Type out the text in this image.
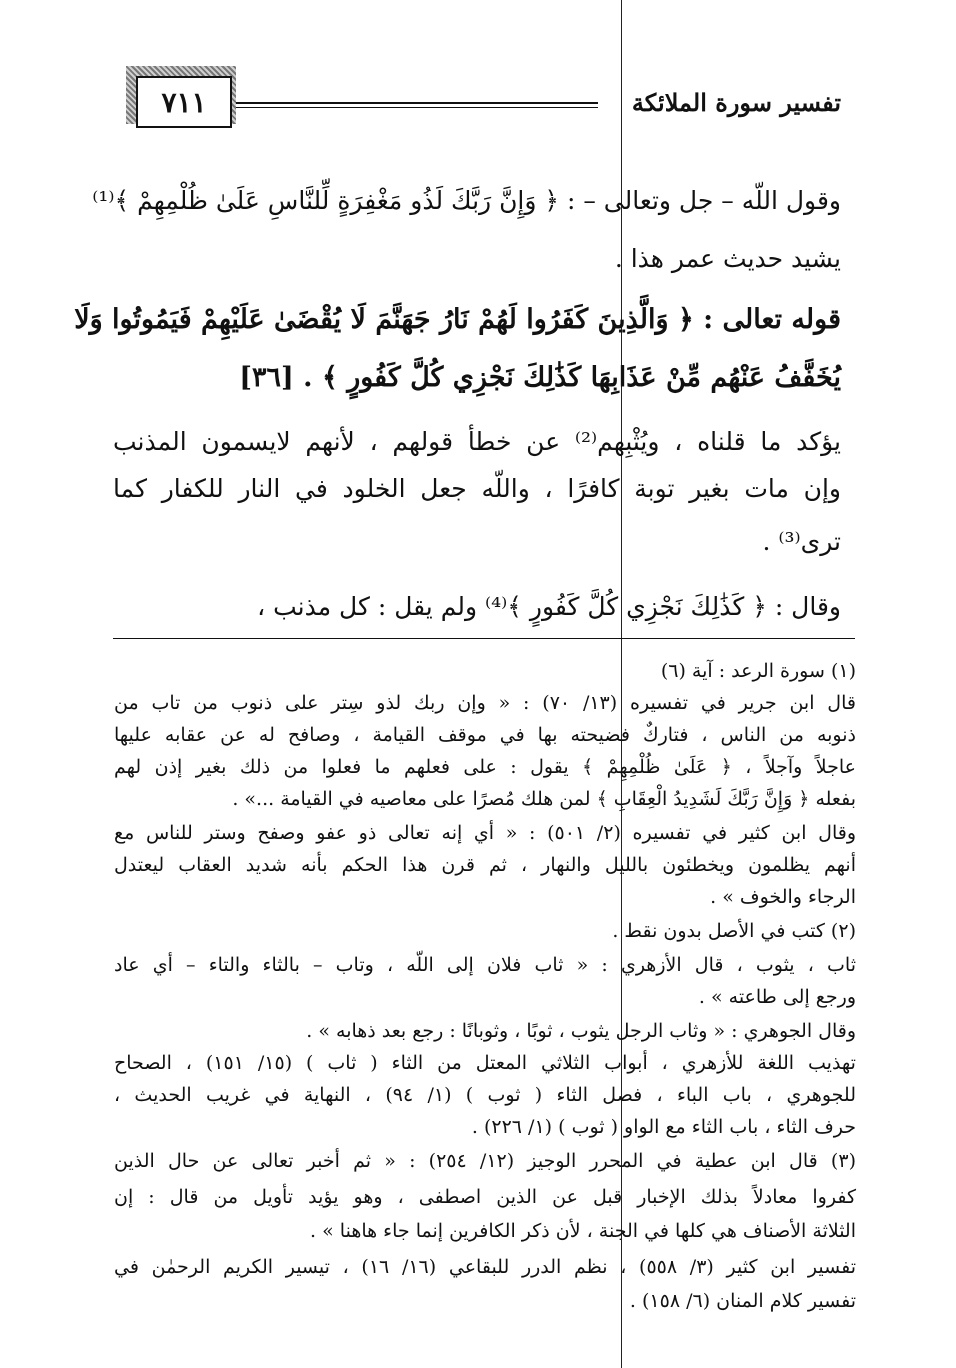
تفسير سورة الملائكة
٧١١
وقول اللّه – جل وتعالى – : ﴿ وَإِنَّ رَبَّكَ لَذُو مَغْفِرَةٍ لِّلنَّاسِ عَلَىٰ ظُلْمِهِمْ ﴾⁽¹⁾
يشيد حديث عمر هذا .
قوله تعالى : ﴿ وَالَّذِينَ كَفَرُوا لَهُمْ نَارُ جَهَنَّمَ لَا يُقْضَىٰ عَلَيْهِمْ فَيَمُوتُوا وَلَا
يُخَفَّفُ عَنْهُم مِّنْ عَذَابِهَا كَذَٰلِكَ نَجْزِي كُلَّ كَفُورٍ ﴾ . [٣٦]
يؤكد ما قلناه ، ويُثْبِهم⁽²⁾ عن خطأ قولهم ، لأنهم لايسمون المذنب
وإن مات بغير توبة كافرًا ، واللّه جعل الخلود في النار للكفار كما
ترى⁽³⁾ .
وقال : ﴿ كَذَٰلِكَ نَجْزِي كُلَّ كَفُورٍ ﴾⁽⁴⁾ ولم يقل : كل مذنب ،
(١) سورة الرعد : آية (٦)
قال ابن جرير في تفسيره (١٣/ ٧٠) : « وإن ربك لذو سِتر على ذنوب من تاب من
ذنوبه من الناس ، فتاركٌ فضيحته بها في موقف القيامة ، وصافح له عن عقابه عليها
عاجلاً وآجلاً ، ﴿ عَلَىٰ ظُلْمِهِمْ ﴾ يقول : على فعلهم ما فعلوا من ذلك بغير إذن لهم
بفعله ﴿ وَإِنَّ رَبَّكَ لَشَدِيدُ الْعِقَابِ ﴾ لمن هلك مُصرًا على معاصيه في القيامة ...» .
وقال ابن كثير في تفسيره (٢/ ٥٠١) : « أي إنه تعالى ذو عفو وصفح وستر للناس مع
أنهم يظلمون ويخطئون بالليل والنهار ، ثم قرن هذا الحكم بأنه شديد العقاب ليعتدل
الرجاء والخوف » .
(٢) كتب في الأصل بدون نقط .
ثاب ، يثوب ، قال الأزهري : « ثاب فلان إلى اللّه ، وتاب – بالثاء والتاء – أي عاد
ورجع إلى طاعته » .
وقال الجوهري : « وثاب الرجل يثوب ، ثوبًا ، وثوبانًا : رجع بعد ذهابه » .
تهذيب اللغة للأزهري ، أبواب الثلاثي المعتل من الثاء ( ثاب ) (١٥/ ١٥١) ، الصحاح
للجوهري ، باب الباء ، فصل الثاء ( ثوب ) (١/ ٩٤) ، النهاية في غريب الحديث ،
حرف الثاء ، باب الثاء مع الواو ( ثوب ) (١/ ٢٢٦) .
(٣) قال ابن عطية في المحرر الوجيز (١٢/ ٢٥٤) : « ثم أخبر تعالى عن حال الذين
كفروا معادلاً بذلك الإخبار قبل عن الذين اصطفى ، وهو يؤيد تأويل من قال : إن
الثلاثة الأصناف هي كلها في الجنة ، لأن ذكر الكافرين إنما جاء هاهنا » .
تفسير ابن كثير (٣/ ٥٥٨) ، نظم الدرر للبقاعي (١٦/ ١٦) ، تيسير الكريم الرحمٰن في
تفسير كلام المنان (٦/ ١٥٨) .
